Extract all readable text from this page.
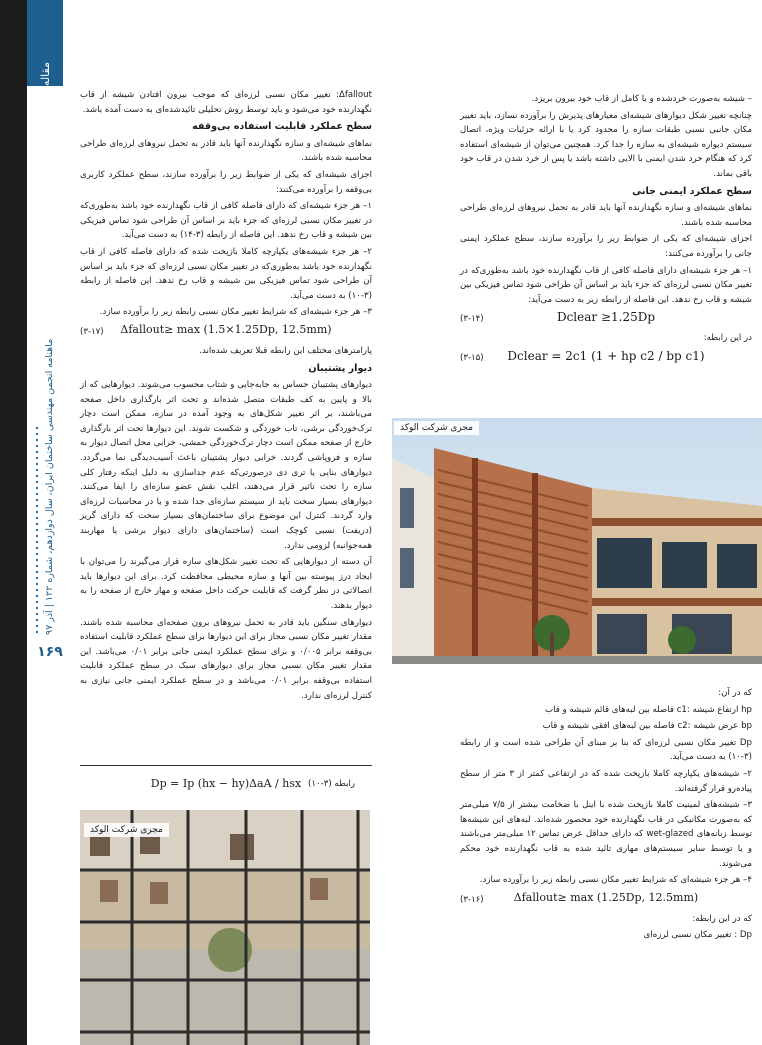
مقاله
ماهنامه انجمن مهندسی ساختمان ایران، سال دوازدهم، شماره ۱۲۲ | آذر ۹۷
۱۶۹

– شیشه به‌صورت خردشده و یا کامل از قاب خود بیرون بریزد.

چنانچه تغییر شکل دیوارهای شیشه‌ای معیارهای پذیرش را برآورده نسازد، باید تغییر مکان جانبی نسبی طبقات سازه را محدود کرد یا با ارائه جزئیات ویژه، اتصال سیستم دیواره شیشه‌ای به سازه را جدا کرد. همچنین می‌توان از شیشه‌ای استفاده کرد که هنگام خرد شدن ایمنی با الایی داشته باشد یا پس از خرد شدن در قاب خود باقی بماند.

سطح عملکرد ایمنی جانی

نماهای شیشه‌ای و سازه نگهدارنده آنها باید قادر به تحمل نیروهای لرزه‌ای طراحی محاسبه شده باشند.

اجزای شیشه‌ای که یکی از ضوابط زیر را برآورده سازند، سطح عملکرد ایمنی جانی را برآورده می‌کنند:

۱– هر جزء شیشه‌ای دارای فاصله کافی از قاب نگهدارنده خود باشد به‌طوری‌که در تغییر مکان نسبی لرزه‌ای که جزء باید بر اساس آن طراحی شود تماس فیزیکی بین شیشه و قاب رخ ندهد. این فاصله از رابطه زیر به دست می‌آید:

(۳-۱۴)	Dclear ≥1.25Dp

در این رابطه:

(۳-۱۵) Dclear = 2c1 (1 + hp c2 / bp c1)
مجری شرکت الوکد

که در آن:

hp ارتفاع شیشه :c1 فاصله بین لبه‌های قائم شیشه و قاب

bp عرض شیشه :c2 فاصله بین لبه‌های افقی شیشه و قاب

Dp تغییر مکان نسبی لرزه‌ای که بنا بر مبنای آن طراحی شده است و از رابطه (۳-۱۰) به دست می‌آید.

۲– شیشه‌های یکپارچه کاملا بازپخت شده که در ارتفاعی کمتر از ۳ متر از سطح پیاده‌رو قرار گرفته‌اند.

۳– شیشه‌های لمینیت کاملا بازپخت شده با اینل با ضخامت بیشتر از ۷/۵ میلی‌متر که به‌صورت مکانیکی در قاب نگهدارنده خود محصور شده‌اند. لبه‌های این شیشه‌ها توسط زبانه‌های wet-glazed که دارای حداقل عرض تماس ۱۲ میلی‌متر می‌باشند و یا توسط سایر سیستم‌های مهاری تائید شده به قاب نگهدارنده خود محکم می‌شوند.

۴– هر جزء شیشه‌ای که شرایط تغییر مکان نسبی رابطه زیر را برآورده سازد.

(۳-۱۶)	Δfallout≥ max (1.25Dp, 12.5mm)

که در این رابطه:

Dp : تغییر مکان نسبی لرزه‌ای

Δfallout: تغییر مکان نسبی لرزه‌ای که موجب بیرون افتادن شیشه از قاب نگهدارنده خود می‌شود و باید توسط روش تحلیلی تائیدشده‌ای به دست آمده باشد.

سطح عملکرد قابلیت استفاده بی‌وقفه

نماهای شیشه‌ای و سازه نگهدارنده آنها باید قادر به تحمل نیروهای لرزه‌ای طراحی محاسبه شده باشند.

اجزای شیشه‌ای که یکی از ضوابط زیر را برآورده سازند، سطح عملکرد کاربری بی‌وقفه را برآورده می‌کنند:

۱– هر جزء شیشه‌ای که دارای فاصله کافی از قاب نگهدارنده خود باشد به‌طوری‌که در تغییر مکان نسبی لرزه‌ای که جزء باید بر اساس آن طراحی شود تماس فیزیکی بین شیشه و قاب رخ ندهد. این فاصله از رابطه (۳-۱۴) به دست می‌آید.

۲– هر جزء شیشه‌های یکپارچه کاملا بازپخت شده که دارای فاصله کافی از قاب نگهدارنده خود باشد به‌طوری‌که در تغییر مکان نسبی لرزه‌ای که جزء باید بر اساس آن طراحی شود تماس فیزیکی بین شیشه و قاب رخ ندهد. این فاصله از رابطه (۳-۱۰) به دست می‌آید.

۳– هر جزء شیشه‌ای که شرایط تغییر مکان نسبی رابطه زیر را برآورده سازد.

(۳-۱۷) Δfallout≥ max (1.5×1.25Dp, 12.5mm)

پارامترهای مختلف این رابطه قبلا تعریف شده‌اند.

دیوار پشتیبان

دیوارهای پشتیبان حساس به جابه‌جایی و شتاب محسوب می‌شوند. دیوارهایی که از بالا و پایین به کف طبقات متصل شده‌اند و تحت اثر بارگذاری داخل صفحه می‌باشند، بر اثر تغییر شکل‌های به وجود آمده در سازه، ممکن است دچار ترک‌خوردگی برشی، تاب خوردگی و شکست شوند. این دیوارها تحت اثر بارگذاری خارج از صفحه ممکن است دچار ترک‌خوردگی خمشی، خرابی محل اتصال دیوار به سازه و فروپاشی گردند. خرابی دیوار پشتیبان باعث آسیب‌دیدگی نما می‌گردد. دیوارهای بنایی یا تری دی درصورتی‌که عدم جداسازی به دلیل اینکه رفتار کلی سازه را تحت تاثیر قرار می‌دهند، اغلب نقش عضو سازه‌ای را ایفا می‌کنند. دیوارهای بسیار سخت باید از سیستم سازه‌ای جدا شده و یا در محاسبات لرزه‌ای وارد گردند. کنترل این موضوع برای ساختمان‌های بسیار سخت که دارای گریز (دریفت) نسبی کوچک است (ساختمان‌های دارای دیوار برشی یا مهاربند همه‌جوانبه) لزومی ندارد.

آن دسته از دیوارهایی که تحت تغییر شکل‌های سازه قرار می‌گیرند را می‌توان با ایجاد درز پیوسته بین آنها و سازه محیطی محافظت کرد. برای این دیوارها باید اتصالاتی در نظر گرفت که قابلیت حرکت داخل صفحه و مهار خارج از صفحه را به دیوار بدهند.

دیوارهای سنگین باید قادر به تحمل نیروهای برون صفحه‌ای محاسبه شده باشند. مقدار تغییر مکان نسبی مجاز برای این دیوارها برای سطح عملکرد قابلیت استفاده بی‌وقفه برابر ۰/۰۰۵ و برای سطح عملکرد ایمنی جانی برابر ۰/۰۱ می‌باشد. این مقدار تغییر مکان نسبی مجاز برای دیوارهای سبک در سطح عملکرد قابلیت استفاده بی‌وقفه برابر ۰/۰۱ می‌باشد و در سطح عملکرد ایمنی جانی نیازی به کنترل لرزه‌ای ندارد.

رابطه (۳-۱۰)
Dp = Ip (hx − hy)ΔaA / hsx
مجری شرکت الوکد
